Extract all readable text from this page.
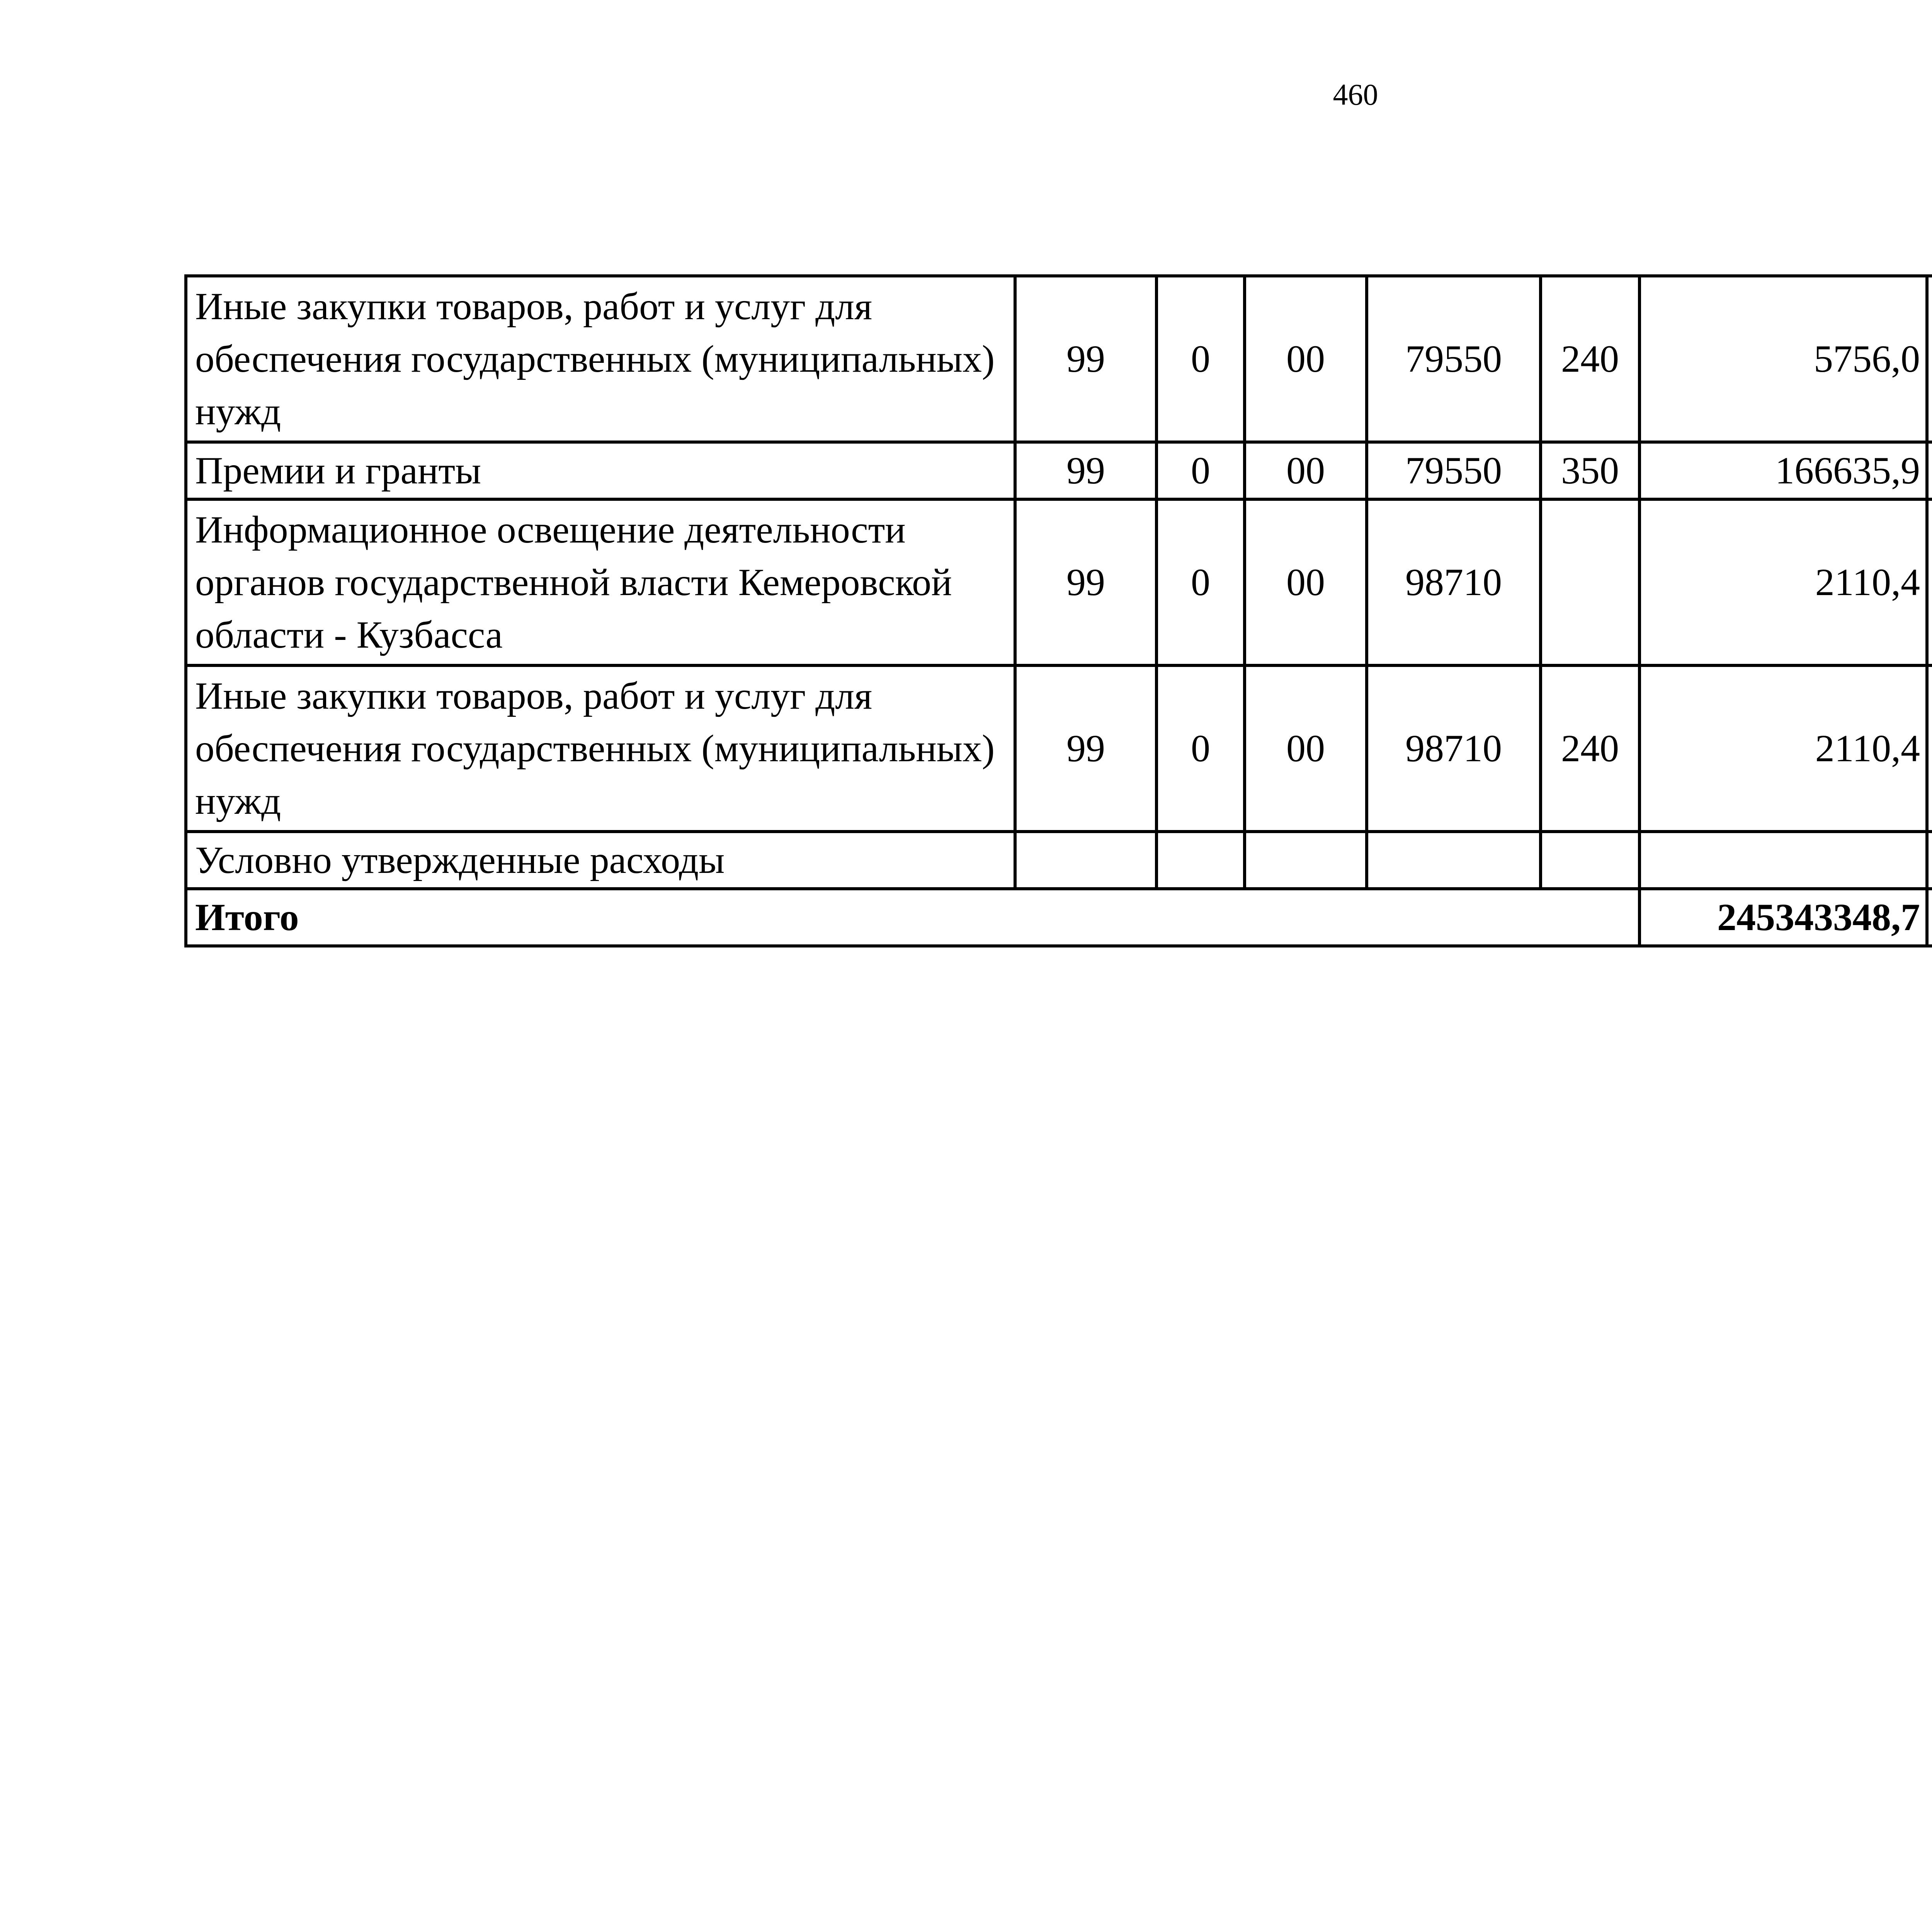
460
Иные закупки товаров, работ и услуг для обеспечения государственных (муниципальных) нужд	99	0	00	79550	240	5756,0		
Премии и гранты	99	0	00	79550	350	166635,9		
Информационное освещение деятельности органов государственной власти Кемеровской области - Кузбасса	99	0	00	98710		2110,4		
Иные закупки товаров, работ и услуг для обеспечения государственных (муниципальных) нужд	99	0	00	98710	240	2110,4		
Условно утвержденные расходы								
Итого						245343348,7		
